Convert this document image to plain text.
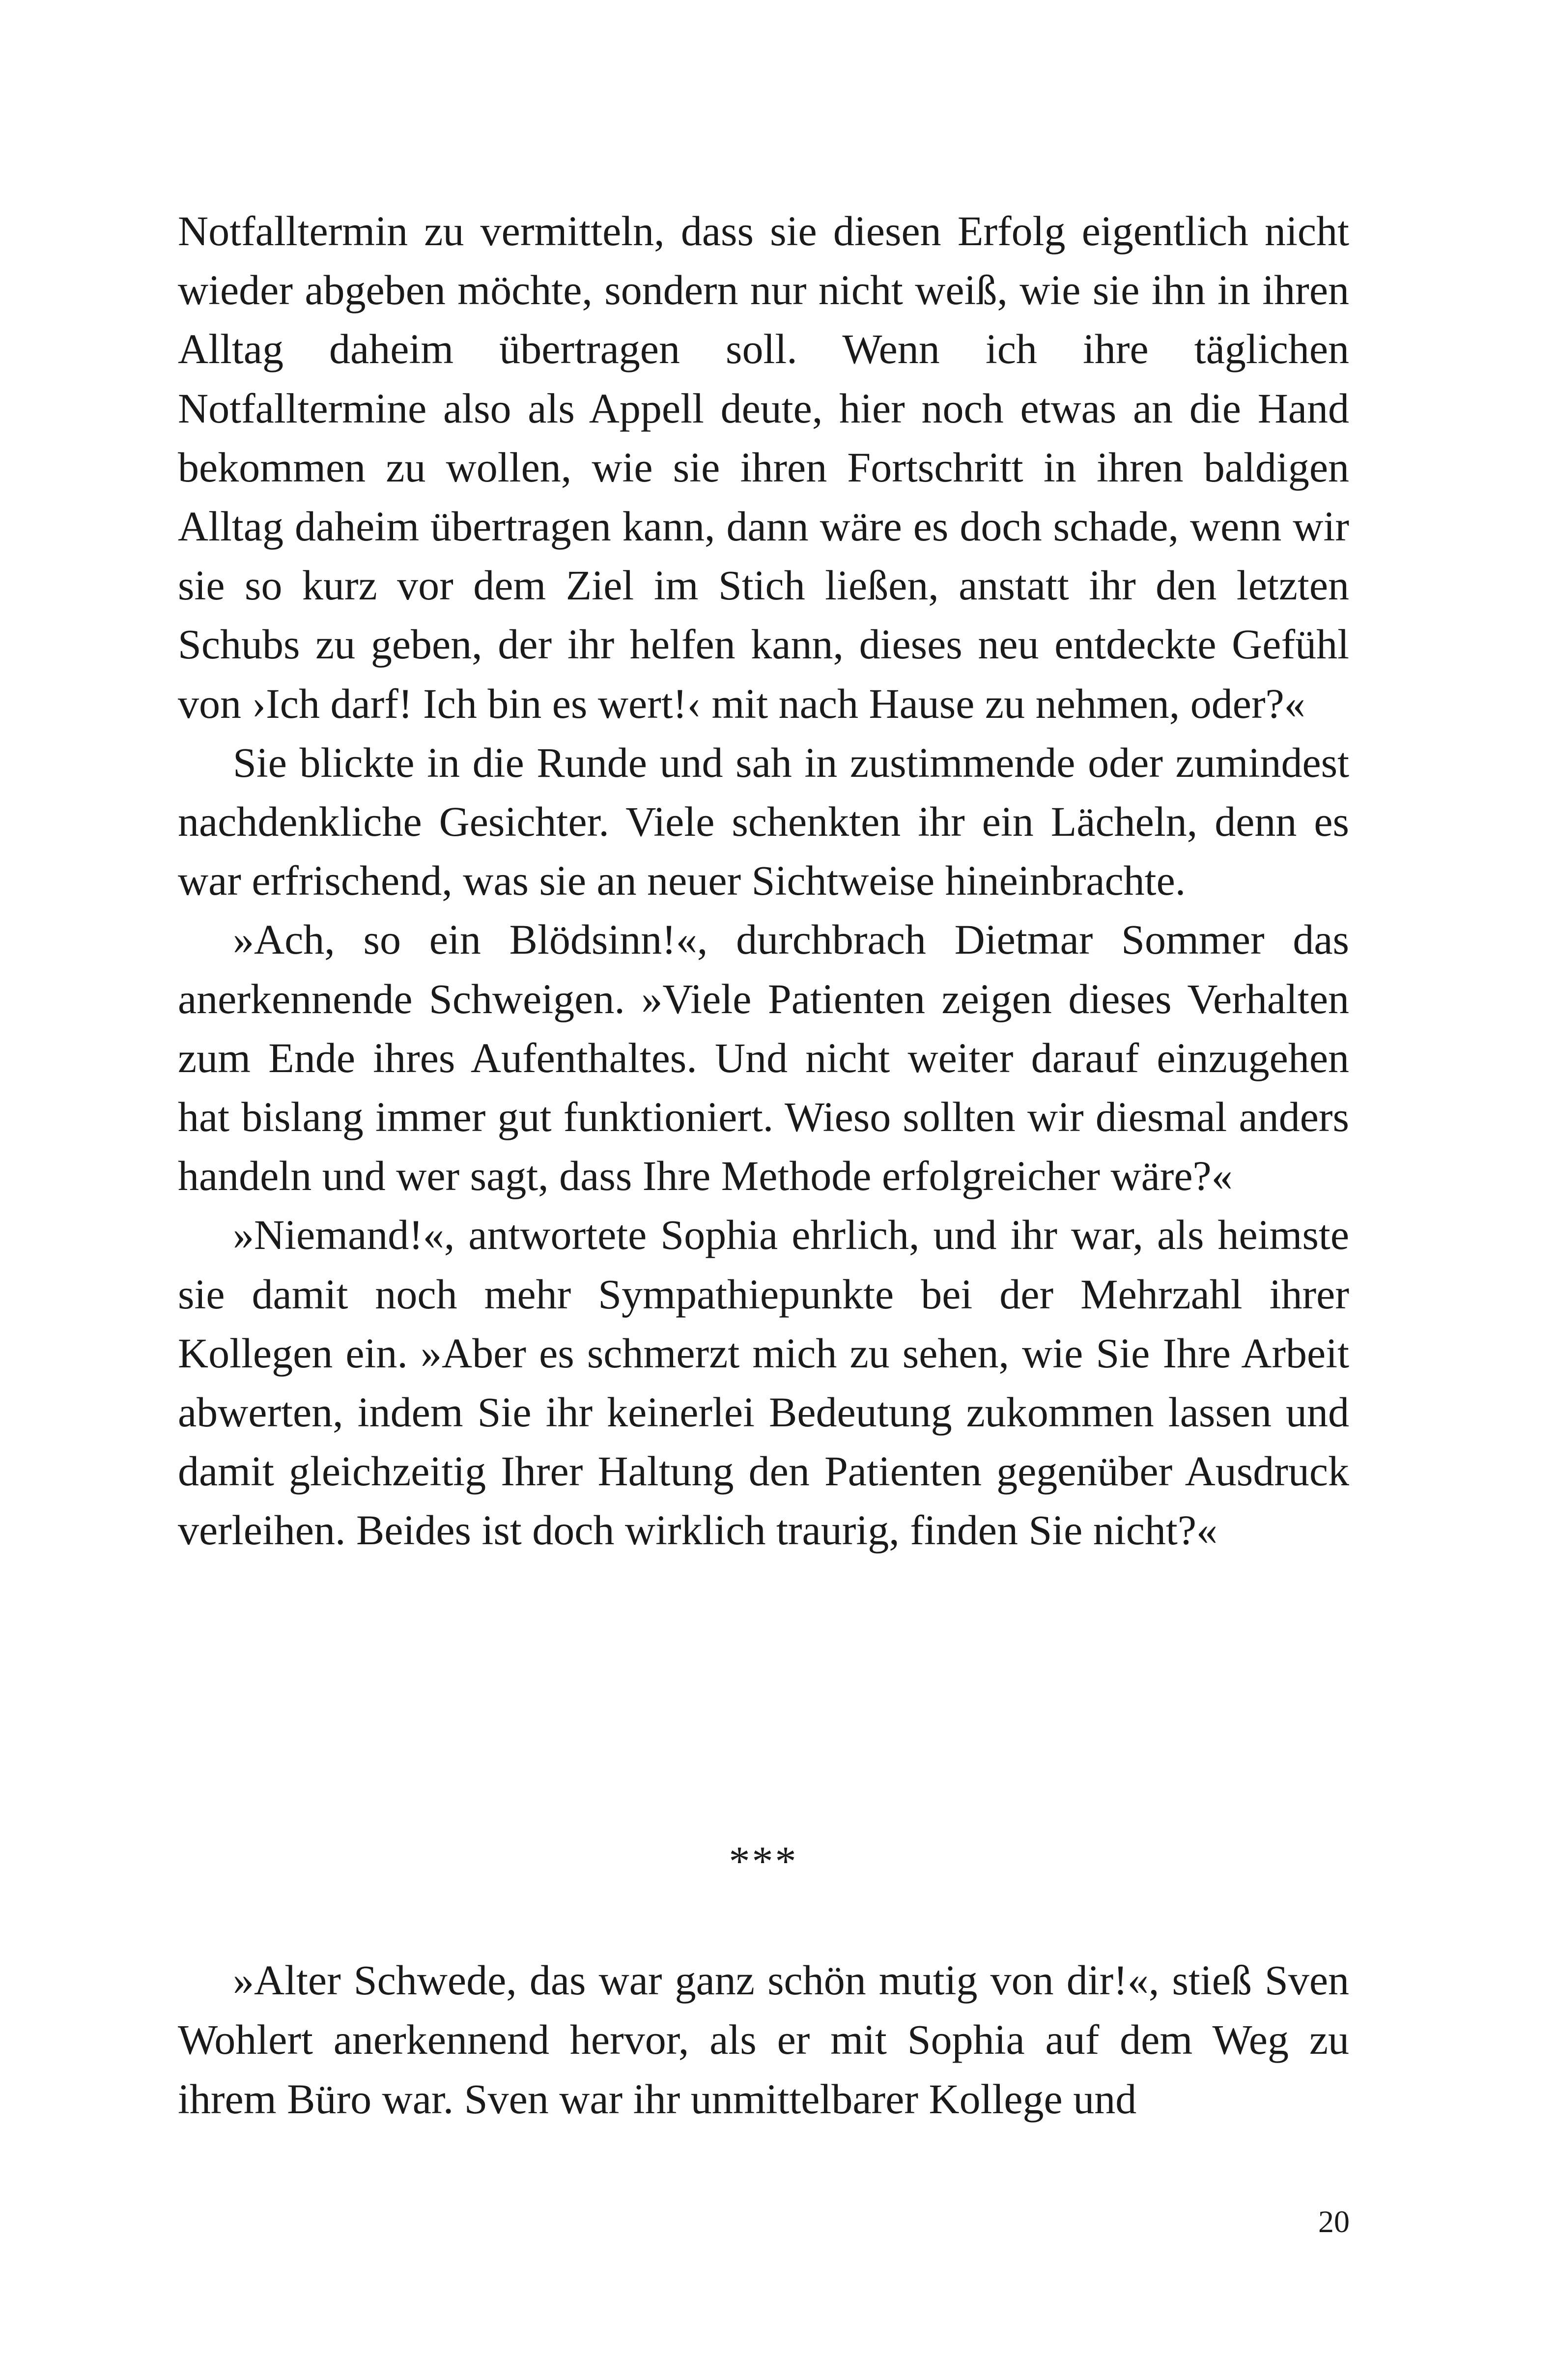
Notfalltermin zu vermitteln, dass sie diesen Erfolg eigentlich nicht wieder abgeben möchte, sondern nur nicht weiß, wie sie ihn in ihren Alltag daheim übertragen soll. Wenn ich ihre täglichen Notfalltermine also als Appell deute, hier noch etwas an die Hand bekommen zu wollen, wie sie ihren Fortschritt in ihren baldigen Alltag daheim übertragen kann, dann wäre es doch schade, wenn wir sie so kurz vor dem Ziel im Stich ließen, anstatt ihr den letzten Schubs zu geben, der ihr helfen kann, dieses neu entdeckte Gefühl von ›Ich darf! Ich bin es wert!‹ mit nach Hause zu nehmen, oder?«

Sie blickte in die Runde und sah in zustimmende oder zumindest nachdenkliche Gesichter. Viele schenkten ihr ein Lächeln, denn es war erfrischend, was sie an neuer Sichtweise hineinbrachte.

»Ach, so ein Blödsinn!«, durchbrach Dietmar Sommer das anerkennende Schweigen. »Viele Patienten zeigen dieses Verhalten zum Ende ihres Aufenthaltes. Und nicht weiter darauf einzugehen hat bislang immer gut funktioniert. Wieso sollten wir diesmal anders handeln und wer sagt, dass Ihre Methode erfolgreicher wäre?«

»Niemand!«, antwortete Sophia ehrlich, und ihr war, als heimste sie damit noch mehr Sympathiepunkte bei der Mehrzahl ihrer Kollegen ein. »Aber es schmerzt mich zu sehen, wie Sie Ihre Arbeit abwerten, indem Sie ihr keinerlei Bedeutung zukommen lassen und damit gleichzeitig Ihrer Haltung den Patienten gegenüber Ausdruck verleihen. Beides ist doch wirklich traurig, finden Sie nicht?«

***

»Alter Schwede, das war ganz schön mutig von dir!«, stieß Sven Wohlert anerkennend hervor, als er mit Sophia auf dem Weg zu ihrem Büro war. Sven war ihr unmittelbarer Kollege und

20
